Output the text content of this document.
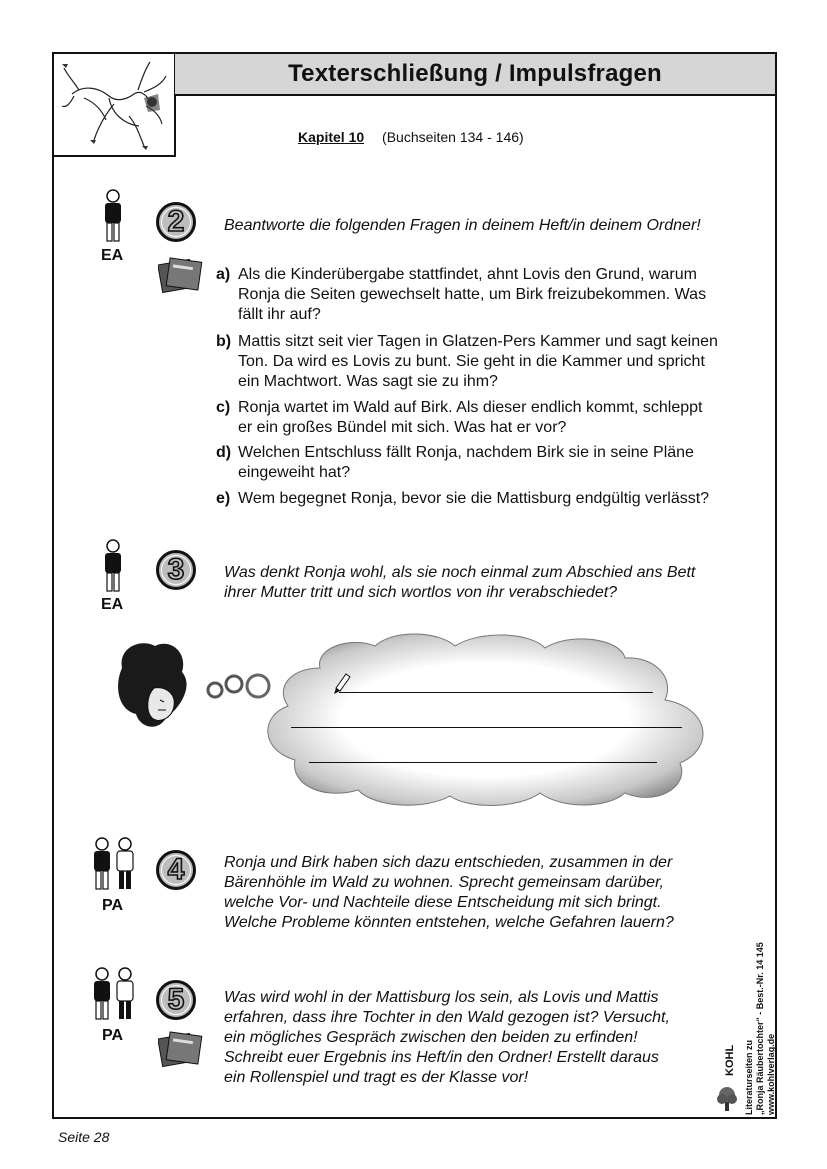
Texterschließung / Impulsfragen
Kapitel 10 (Buchseiten 134 - 146)
EA
2 Beantworte die folgenden Fragen in deinem Heft/in deinem Ordner!
a) Als die Kinderübergabe stattfindet, ahnt Lovis den Grund, warum
Ronja die Seiten gewechselt hatte, um Birk freizubekommen. Was
fällt ihr auf?
b) Mattis sitzt seit vier Tagen in Glatzen-Pers Kammer und sagt keinen
Ton. Da wird es Lovis zu bunt. Sie geht in die Kammer und spricht
ein Machtwort. Was sagt sie zu ihm?
c) Ronja wartet im Wald auf Birk. Als dieser endlich kommt, schleppt
er ein großes Bündel mit sich. Was hat er vor?
d) Welchen Entschluss fällt Ronja, nachdem Birk sie in seine Pläne
eingeweiht hat?
e) Wem begegnet Ronja, bevor sie die Mattisburg endgültig verlässt?
EA
3 Was denkt Ronja wohl, als sie noch einmal zum Abschied ans Bett
ihrer Mutter tritt und sich wortlos von ihr verabschiedet?
PA
4 Ronja und Birk haben sich dazu entschieden, zusammen in der
Bärenhöhle im Wald zu wohnen. Sprecht gemeinsam darüber,
welche Vor- und Nachteile diese Entscheidung mit sich bringt.
Welche Probleme könnten entstehen, welche Gefahren lauern?
PA
5 Was wird wohl in der Mattisburg los sein, als Lovis und Mattis
erfahren, dass ihre Tochter in den Wald gezogen ist? Versucht,
ein mögliches Gespräch zwischen den beiden zu erfinden!
Schreibt euer Ergebnis ins Heft/in den Ordner! Erstellt daraus
ein Rollenspiel und tragt es der Klasse vor!	Literaturseiten zu „Ronja Räubertochter" - Best.-Nr. 14 145 www.kohlverlag.de
KOHL
Seite 28
